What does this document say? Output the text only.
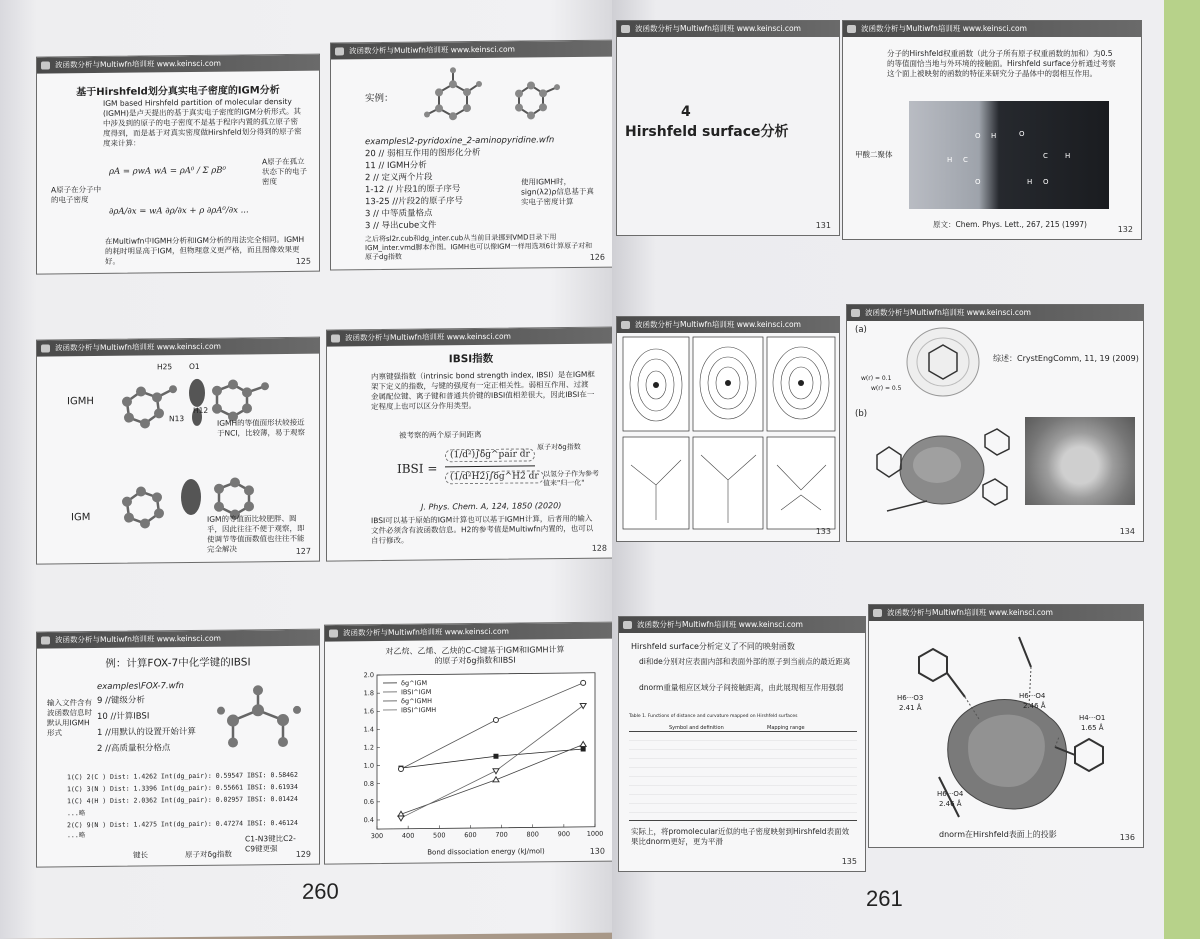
波函数分析与Multiwfn培训班 www.keinsci.com
基于Hirshfeld划分真实电子密度的IGM分析
IGM based Hirshfeld partition of molecular density (IGMH)是卢天提出的基于真实电子密度的IGM分析形式。其中涉及到的原子的电子密度不是基于程序内置的孤立原子密度得到，而是基于对真实密度做Hirshfeld划分得到的原子密度来计算：
A原子在分子中的电子密度
A原子在孤立状态下的电子密度
ρA = ρwA wA = ρA⁰ / Σ ρB⁰
∂ρA/∂x = wA ∂ρ/∂x + ρ ∂ρA⁰/∂x ...
在Multiwfn中IGMH分析和IGM分析的用法完全相同。IGMH的耗时明显高于IGM，但物理意义更严格，而且图像效果更好。	125
波函数分析与Multiwfn培训班 www.keinsci.com
实例：
examples\2-pyridoxine_2-aminopyridine.wfn
20 // 弱相互作用的图形化分析
11 // IGMH分析
2 // 定义两个片段
1-12 // 片段1的原子序号
13-25 //片段2的原子序号
3 // 中等质量格点
3 // 导出cube文件
使用IGMH时，sign(λ2)ρ信息基于真实电子密度计算
之后将sl2r.cub和dg_inter.cub从当前目录挪到VMD目录下用IGM_inter.vmd脚本作图。IGMH也可以像IGM一样用选项6计算原子对和原子dg指数	126
波函数分析与Multiwfn培训班 www.keinsci.com
IGMH
IGM
H25 O1
N13
H12
IGMH的等值面形状较接近于NCI，比较薄，易于观察
IGM的等值面比较肥胖、圆乎，因此往往不便于观察，即使调节等值面数值也往往不能完全解决	127
波函数分析与Multiwfn培训班 www.keinsci.com
IBSI指数
内禀键强指数（intrinsic bond strength index, IBSI）是在IGM框架下定义的指数，与键的强度有一定正相关性。弱相互作用、过渡金属配位键、离子键和普通共价键的IBSI值相差很大，因此IBSI在一定程度上也可以区分作用类型。
被考察的两个原子间距离
原子对δg指数
IBSI =
(1/d²)∫δg^pair dr
(1/d²H2)∫δg^H2 dr 以氢分子作为参考值来"归一化"
J. Phys. Chem. A, 124, 1850 (2020)
IBSI可以基于原始的IGM计算也可以基于IGMH计算，后者用的输入文件必须含有波函数信息。H2的参考值是Multiwfn内置的，也可以自行修改。
128
波函数分析与Multiwfn培训班 www.keinsci.com
例：计算FOX-7中化学键的IBSI
输入文件含有波函数信息时默认用IGMH形式
examples\FOX-7.wfn
9 //键级分析
10 //计算IBSI
1 //用默认的设置开始计算
2 //高质量积分格点
1(C) 2(C ) Dist: 1.4262 Int(dg_pair): 0.59547 IBSI: 0.58462
1(C) 3(N ) Dist: 1.3396 Int(dg_pair): 0.55661 IBSI: 0.61934
1(C) 4(H ) Dist: 2.0362 Int(dg_pair): 0.02957 IBSI: 0.01424
...略
2(C) 9(N ) Dist: 1.4275 Int(dg_pair): 0.47274 IBSI: 0.46124
...略
键长	原子对δg指数
C1-N3键比C2-C9键更强
129
波函数分析与Multiwfn培训班 www.keinsci.com
对乙烷、乙烯、乙炔的C-C键基于IGM和IGMH计算的原子对δg指数和IBSI
300	400	500	600	700	800	900	1000
0.4
0.6
0.8
1.0
1.2
1.4
1.6
1.8
2.0
Bond dissociation energy (kJ/mol)
δg^IGM
IBSI^IGM
δg^IGMH
IBSI^IGMH
130
260
波函数分析与Multiwfn培训班 www.keinsci.com
4
Hirshfeld surface分析
131
波函数分析与Multiwfn培训班 www.keinsci.com
分子的Hirshfeld权重函数（此分子所有原子权重函数的加和）为0.5的等值面恰当地与外环境的接触面。Hirshfeld surface分析通过考察这个面上被映射的函数的特征来研究分子晶体中的弱相互作用。
O H	O
C H
C
O	H O
H
甲酸二聚体
原文：Chem. Phys. Lett., 267, 215 (1997)
132
波函数分析与Multiwfn培训班 www.keinsci.com
133
波函数分析与Multiwfn培训班 www.keinsci.com
(a)
(b)
w(r) = 0.1
w(r) = 0.5
综述：CrystEngComm, 11, 19 (2009)
134
波函数分析与Multiwfn培训班 www.keinsci.com
Hirshfeld surface分析定义了不同的映射函数
di和de分别对应表面内部和表面外部的原子到当前点的最近距离
dnorm重量相应区域分子间接触距离，由此展现相互作用强弱
Table 1. Functions of distance and curvature mapped on Hirshfeld surfaces
Symbol and definition	Mapping range
实际上，将promolecular近似的电子密度映射到Hirshfeld表面效果比dnorm更好，更为平滑
135
波函数分析与Multiwfn培训班 www.keinsci.com
H6···O3
2.41 Å
H6···O4
2.46 Å
H4···O1
1.65 Å
H6···O4
2.46 Å
dnorm在Hirshfeld表面上的投影	136
261
